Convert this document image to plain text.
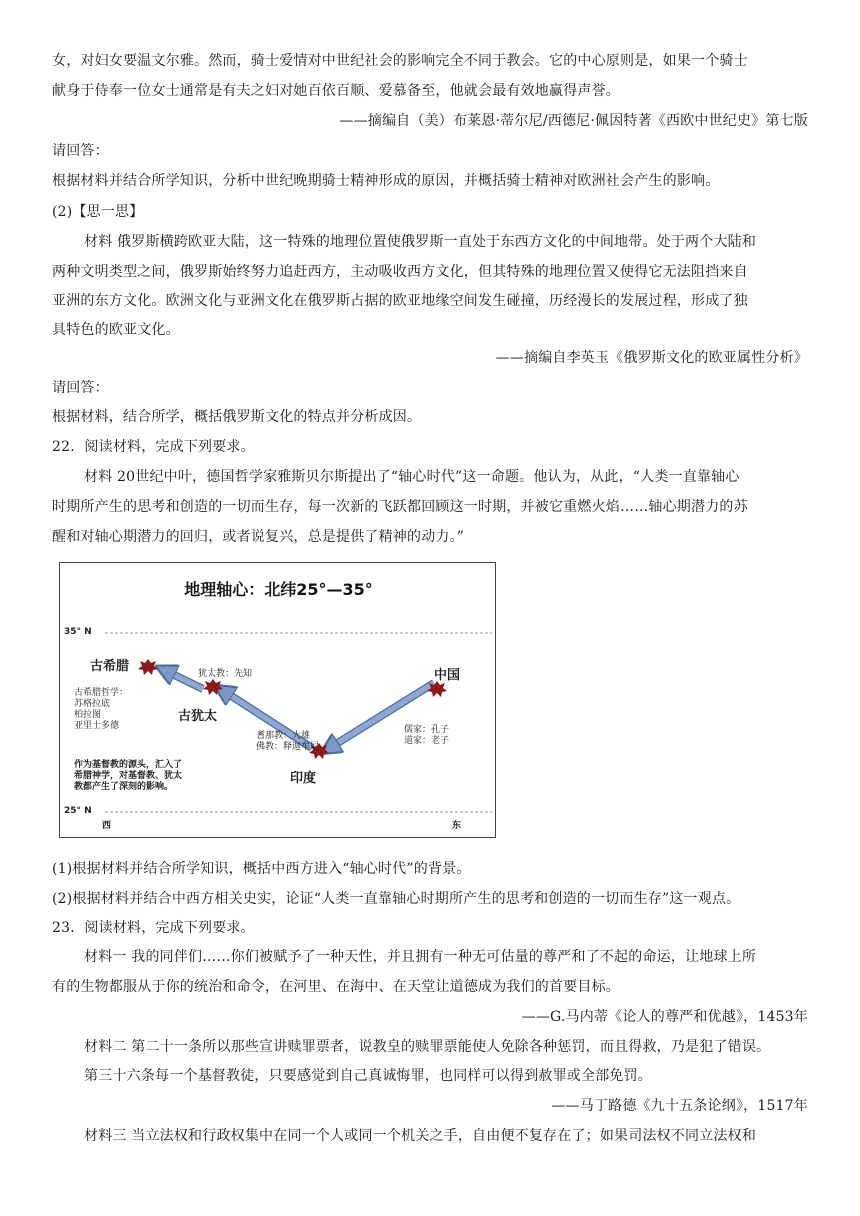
女，对妇女要温文尔雅。然而，骑士爱情对中世纪社会的影响完全不同于教会。它的中心原则是，如果一个骑士
献身于侍奉一位女士通常是有夫之妇对她百依百顺、爱慕备至，他就会最有效地赢得声誉。
——摘编自（美）布莱恩·蒂尔尼/西德尼·佩因特著《西欧中世纪史》第七版
请回答：
根据材料并结合所学知识，分析中世纪晚期骑士精神形成的原因，并概括骑士精神对欧洲社会产生的影响。
(2)【思一思】
材料 俄罗斯横跨欧亚大陆，这一特殊的地理位置使俄罗斯一直处于东西方文化的中间地带。处于两个大陆和
两种文明类型之间，俄罗斯始终努力追赶西方，主动吸收西方文化，但其特殊的地理位置又使得它无法阻挡来自
亚洲的东方文化。欧洲文化与亚洲文化在俄罗斯占据的欧亚地缘空间发生碰撞，历经漫长的发展过程，形成了独
具特色的欧亚文化。
——摘编自李英玉《俄罗斯文化的欧亚属性分析》
请回答：
根据材料，结合所学，概括俄罗斯文化的特点并分析成因。
22．阅读材料，完成下列要求。
材料 20世纪中叶，德国哲学家雅斯贝尔斯提出了“轴心时代”这一命题。他认为，从此，“人类一直靠轴心
时期所产生的思考和创造的一切而生存，每一次新的飞跃都回顾这一时期，并被它重燃火焰……轴心期潜力的苏
醒和对轴心期潜力的回归，或者说复兴，总是提供了精神的动力。”
地理轴心：北纬25°—35°
35° N
25° N
西	东
古希腊
古犹太
印度
中国
犹太教：先知
古希腊哲学：
苏格拉底
柏拉图
亚里士多德
作为基督教的源头，汇入了
希腊神学，对基督教、犹太
教都产生了深刻的影响。
耆那教：大雄
佛教：释迦牟尼
儒家：孔子
道家：老子
(1)根据材料并结合所学知识，概括中西方进入“轴心时代”的背景。
(2)根据材料并结合中西方相关史实，论证“人类一直靠轴心时期所产生的思考和创造的一切而生存”这一观点。
23．阅读材料，完成下列要求。
材料一 我的同伴们……你们被赋予了一种天性，并且拥有一种无可估量的尊严和了不起的命运，让地球上所
有的生物都服从于你的统治和命令，在河里、在海中、在天堂让道德成为我们的首要目标。
——G.马内蒂《论人的尊严和优越》，1453年
材料二 第二十一条所以那些宣讲赎罪票者，说教皇的赎罪票能使人免除各种惩罚，而且得救，乃是犯了错误。
第三十六条每一个基督教徒，只要感觉到自己真诚悔罪，也同样可以得到赦罪或全部免罚。
——马丁路德《九十五条论纲》，1517年
材料三 当立法权和行政权集中在同一个人或同一个机关之手，自由便不复存在了；如果司法权不同立法权和
